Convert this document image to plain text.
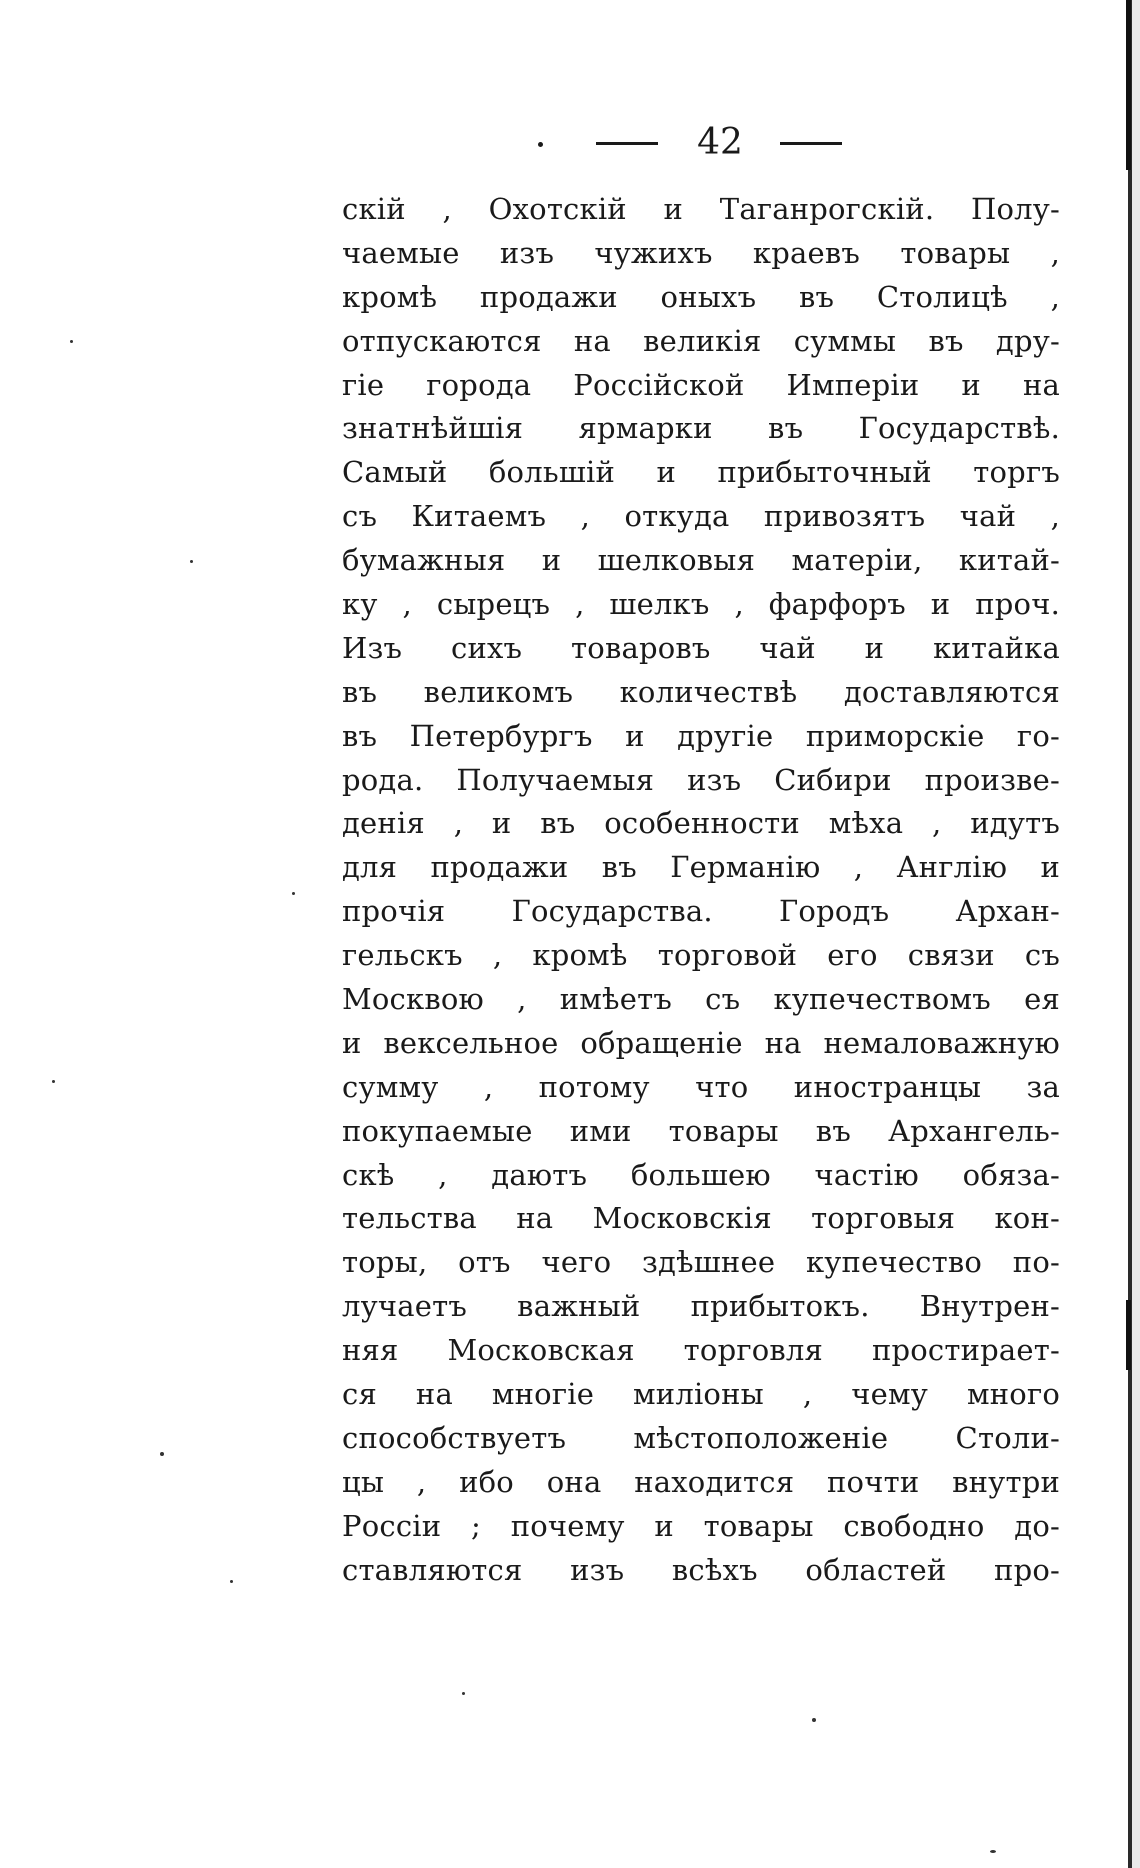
42
скій , Охотскій и Таганрогскій. Полу-
чаемые изъ чужихъ краевъ товары ,
кромѣ продажи оныхъ въ Столицѣ ,
отпускаются на великія суммы въ дру-
гіе города Россійской Имперіи и на
знатнѣйшія ярмарки въ Государствѣ.
Самый большій и прибыточный торгъ
съ Китаемъ , откуда привозятъ чай ,
бумажныя и шелковыя матеріи, китай-
ку , сырецъ , шелкъ , фарфоръ и проч.
Изъ сихъ товаровъ чай и китайка
въ великомъ количествѣ доставляются
въ Петербургъ и другіе приморскіе го-
рода. Получаемыя изъ Сибири произве-
денія , и въ особенности мѣха , идутъ
для продажи въ Германію , Англію и
прочія Государства. Городъ Архан-
гельскъ , кромѣ торговой его связи съ
Москвою , имѣетъ съ купечествомъ ея
и вексельное обращеніе на немаловажную
сумму , потому что иностранцы за
покупаемые ими товары въ Архангель-
скѣ , даютъ большею частію обяза-
тельства на Московскія торговыя кон-
торы, отъ чего здѣшнее купечество по-
лучаетъ важный прибытокъ. Внутрен-
няя Московская торговля простирает-
ся на многіе миліоны , чему много
способствуетъ мѣстоположеніе Столи-
цы , ибо она находится почти внутри
Россіи ; почему и товары свободно до-
ставляются изъ всѣхъ областей про-
